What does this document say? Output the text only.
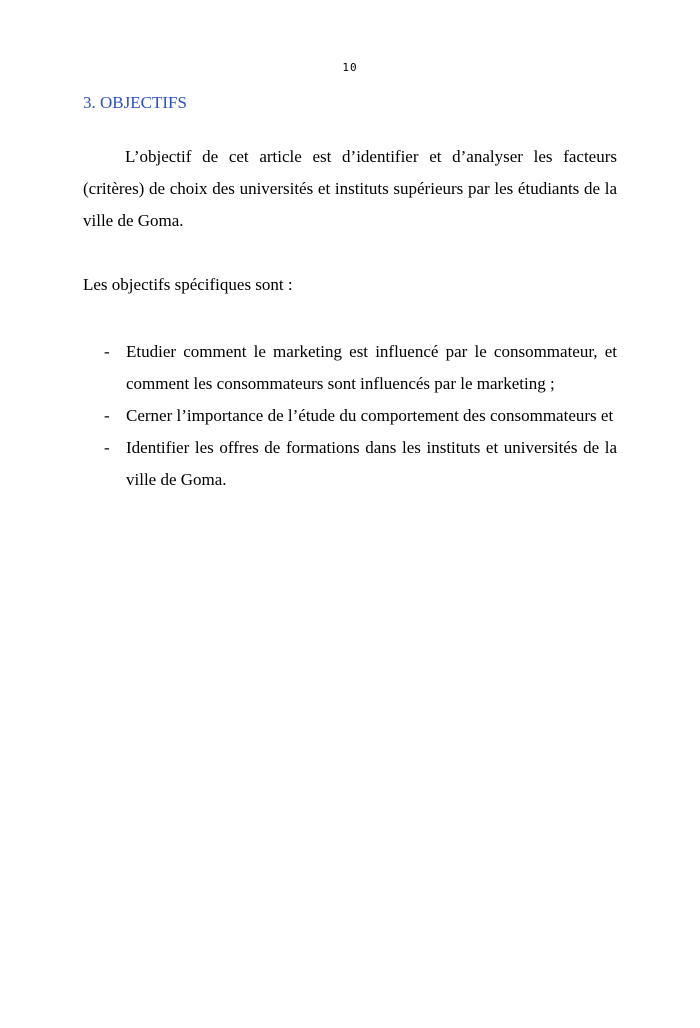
10
3. OBJECTIFS

L’objectif de cet article est d’identifier et d’analyser les facteurs (critères) de choix des universités et instituts supérieurs par les étudiants de la ville de Goma.

Les objectifs spécifiques sont :

- Etudier comment le marketing est influencé par le consommateur, et comment les consommateurs sont influencés par le marketing ;
- Cerner l’importance de l’étude du comportement des consommateurs et
- Identifier les offres de formations dans les instituts et universités de la ville de Goma.
